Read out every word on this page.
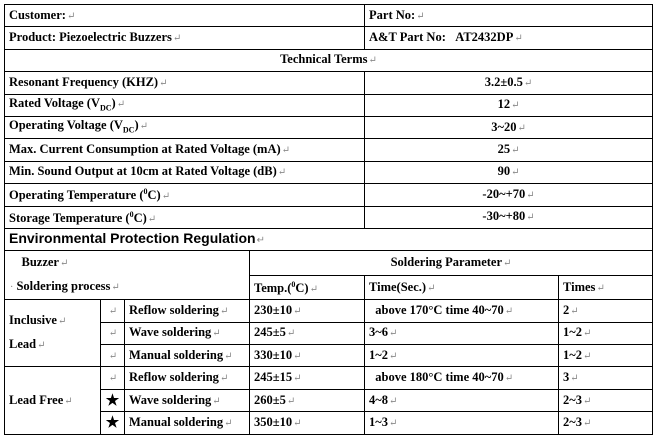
Customer:↵				Part No:↵	
Product: Piezoelectric Buzzers↵				A&T Part No: AT2432DP↵	
Technical Terms↵					
Resonant Frequency (KHZ)↵				3.2±0.5↵	
Rated Voltage $(V_{DC})↵$				12↵	
Operating Voltage $(V_{DC})↵$				3~20↵	
Max. Current Consumption at Rated Voltage (mA)↵				25↵	
Min. Sound Output at 10cm at Rated Voltage (dB)↵				90↵	
Operating Temperature ($^0$C)↵				-20~+70↵	
Storage Temperature ($^0$C)↵				-30~+80↵	
Environmental Protection Regulation↵					
Buzzer↵
· Soldering process↵			Soldering Parameter↵		
			Temp.($^0$C)↵	Time(Sec.)↵	Times↵
Inclusive↵
Lead↵	↵	Reflow soldering↵	230±10↵	above 170°C time 40~70↵	2↵
	↵	Wave soldering↵	245±5↵	3~6↵	1~2↵
	↵	Manual soldering↵	330±10↵	1~2↵	1~2↵
Lead Free↵	↵	Reflow soldering↵	245±15↵	above 180°C time 40~70↵	3↵
	★	Wave soldering↵	260±5↵	4~8↵	2~3↵
	★	Manual soldering↵	350±10↵	1~3↵	2~3↵
